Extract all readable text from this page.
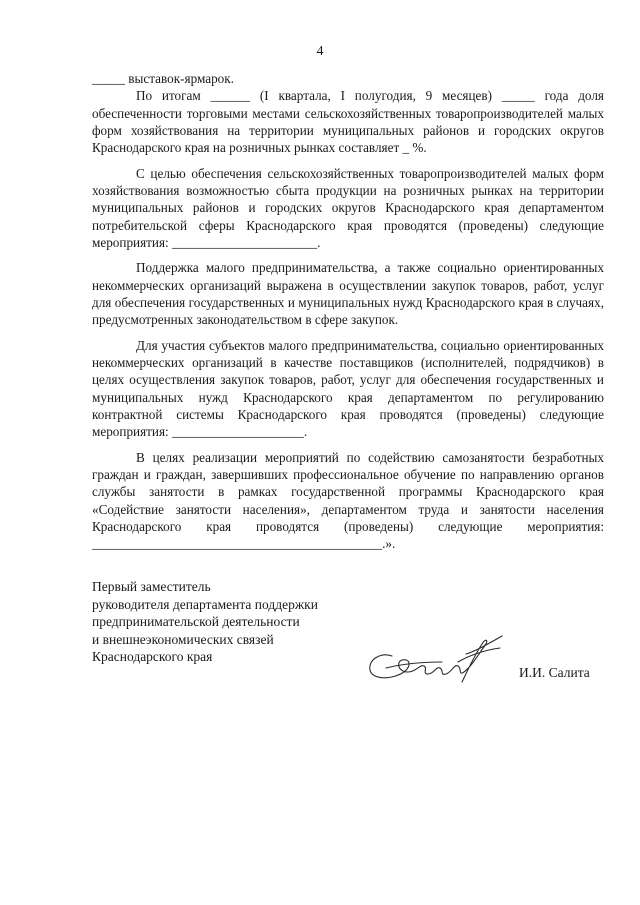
4

_____ выставок-ярмарок.

По итогам ______ (I квартала, I полугодия, 9 месяцев) _____ года доля обеспеченности торговыми местами сельскохозяйственных товаропроизводителей малых форм хозяйствования на территории муниципальных районов и городских округов Краснодарского края на розничных рынках составляет _ %.

С целью обеспечения сельскохозяйственных товаропроизводителей малых форм хозяйствования возможностью сбыта продукции на розничных рынках на территории муниципальных районов и городских округов Краснодарского края департаментом потребительской сферы Краснодарского края проводятся (проведены) следующие мероприятия: ______________________.

Поддержка малого предпринимательства, а также социально ориентированных некоммерческих организаций выражена в осуществлении закупок товаров, работ, услуг для обеспечения государственных и муниципальных нужд Краснодарского края в случаях, предусмотренных законодательством в сфере закупок.

Для участия субъектов малого предпринимательства, социально ориентированных некоммерческих организаций в качестве поставщиков (исполнителей, подрядчиков) в целях осуществления закупок товаров, работ, услуг для обеспечения государственных и муниципальных нужд Краснодарского края департаментом по регулированию контрактной системы Краснодарского края проводятся (проведены) следующие мероприятия: ____________________.

В целях реализации мероприятий по содействию самозанятости безработных граждан и граждан, завершивших профессиональное обучение по направлению органов службы занятости в рамках государственной программы Краснодарского края «Содействие занятости населения», департаментом труда и занятости населения Краснодарского края проводятся (проведены) следующие мероприятия: ____________________________________________.».

Первый заместитель
руководителя департамента поддержки
предпринимательской деятельности
и внешнеэкономических связей
Краснодарского края
И.И. Салита
